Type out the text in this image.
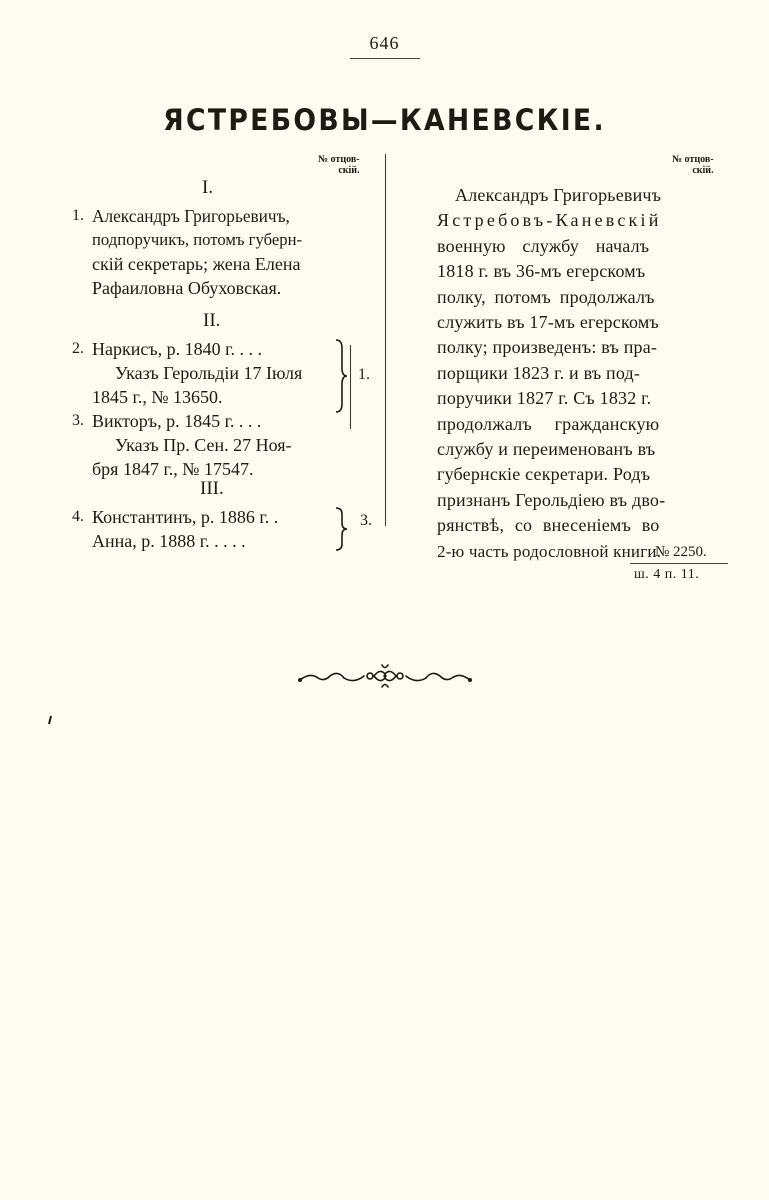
646
ЯСТРЕБОВЫ—КАНЕВСКІЕ.
№ отцов-
скій.
№ отцов-
скій.
I.
1. Александръ Григорьевичъ,
подпоручикъ, потомъ губерн-
скій секретарь; жена Елена
Рафаиловна Обуховская.
II.
2. Наркисъ, р. 1840 г. . . .
Указъ Герольдіи 17 Іюля
1845 г., № 13650.
3. Викторъ, р. 1845 г. . . .
Указъ Пр. Сен. 27 Ноя-
бря 1847 г., № 17547.
1.
III.
4. Константинъ, р. 1886 г. .
Анна, р. 1888 г. . . . .
3.
Александръ Григорьевичъ
Ястребовъ-Каневскій
военную службу началъ
1818 г. въ 36-мъ егерскомъ
полку, потомъ продолжалъ
служить въ 17-мъ егерскомъ
полку; произведенъ: въ пра-
порщики 1823 г. и въ под-
поручики 1827 г. Съ 1832 г.
продолжалъ гражданскую
службу и переименованъ въ
губернскіе секретари. Родъ
признанъ Герольдіею въ дво-
рянствѣ, со внесеніемъ во
2-ю часть родословной книги.
№ 2250.
ш. 4 п. 11.
